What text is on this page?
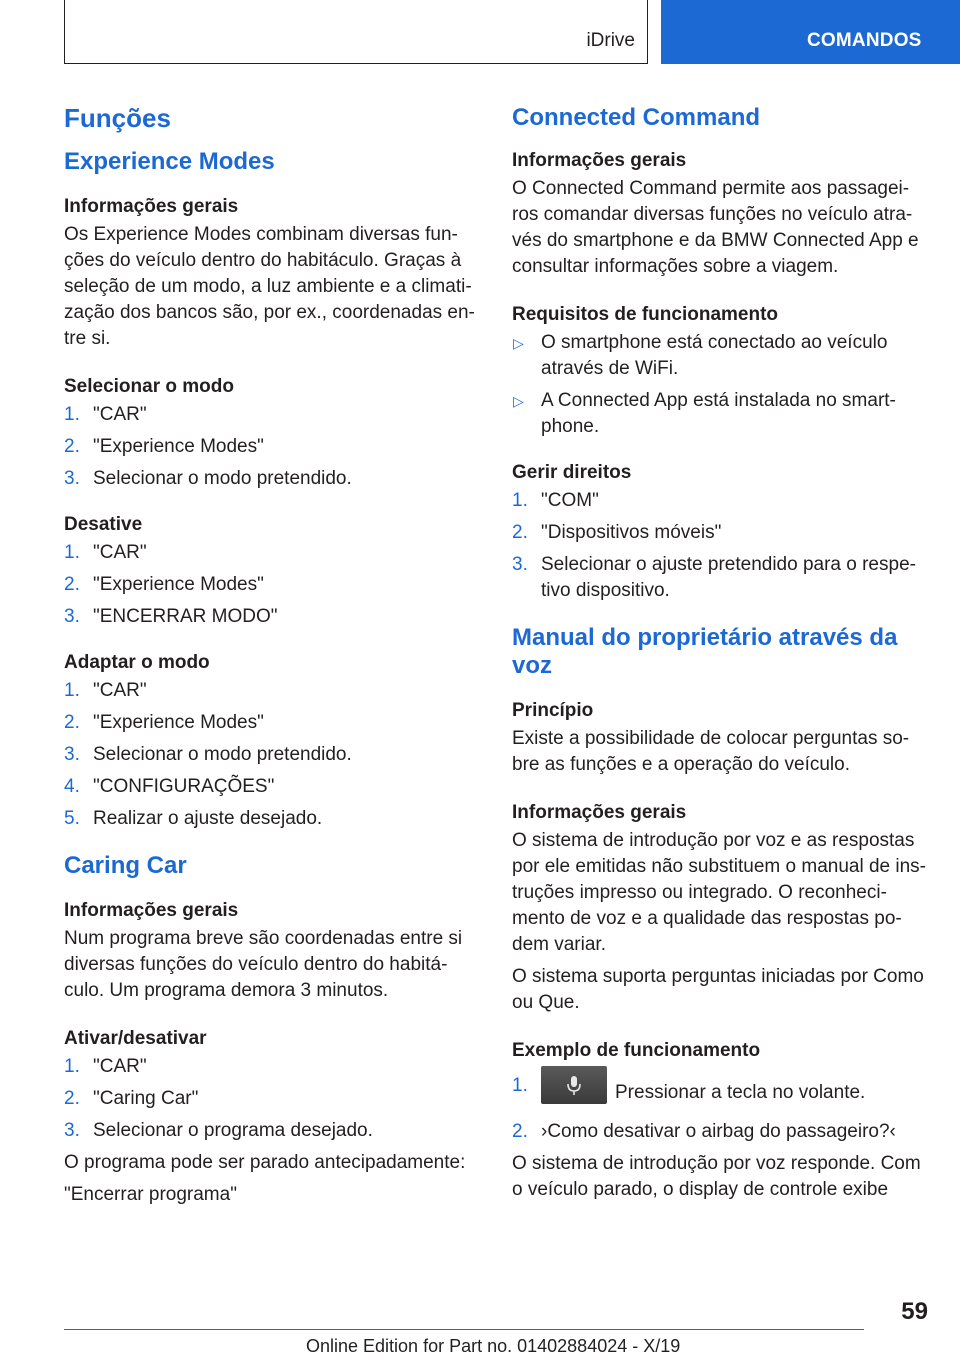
iDrive	COMANDOS
Funções
Experience Modes
Informações gerais

Os Experience Modes combinam diversas fun-ções do veículo dentro do habitáculo. Graças à seleção de um modo, a luz ambiente e a climati-zação dos bancos são, por ex., coordenadas en-tre si.

Selecionar o modo
1. "CAR"
2. "Experience Modes"
3. Selecionar o modo pretendido.
Desative
1. "CAR"
2. "Experience Modes"
3. "ENCERRAR MODO"
Adaptar o modo
1. "CAR"
2. "Experience Modes"
3. Selecionar o modo pretendido.
4. "CONFIGURAÇÕES"
5. Realizar o ajuste desejado.
Caring Car
Informações gerais

Num programa breve são coordenadas entre si diversas funções do veículo dentro do habitá-culo. Um programa demora 3 minutos.

Ativar/desativar
1. "CAR"
2. "Caring Car"
3. Selecionar o programa desejado.

O programa pode ser parado antecipadamente:

"Encerrar programa"

Connected Command
Informações gerais

O Connected Command permite aos passagei-ros comandar diversas funções no veículo atra-vés do smartphone e da BMW Connected App e consultar informações sobre a viagem.

Requisitos de funcionamento
▷ O smartphone está conectado ao veículo através de WiFi.
▷ A Connected App está instalada no smart-phone.
Gerir direitos
1. "COM"
2. "Dispositivos móveis"
3. Selecionar o ajuste pretendido para o respe-tivo dispositivo.
Manual do proprietário através da voz
Princípio

Existe a possibilidade de colocar perguntas so-bre as funções e a operação do veículo.

Informações gerais

O sistema de introdução por voz e as respostas por ele emitidas não substituem o manual de ins-truções impresso ou integrado. O reconheci-mento de voz e a qualidade das respostas po-dem variar.

O sistema suporta perguntas iniciadas por Como ou Que.

Exemplo de funcionamento
1.	Pressionar a tecla no volante.
2. ›Como desativar o airbag do passageiro?‹

O sistema de introdução por voz responde. Com o veículo parado, o display de controle exibe

59
Online Edition for Part no. 01402884024 - X/19
